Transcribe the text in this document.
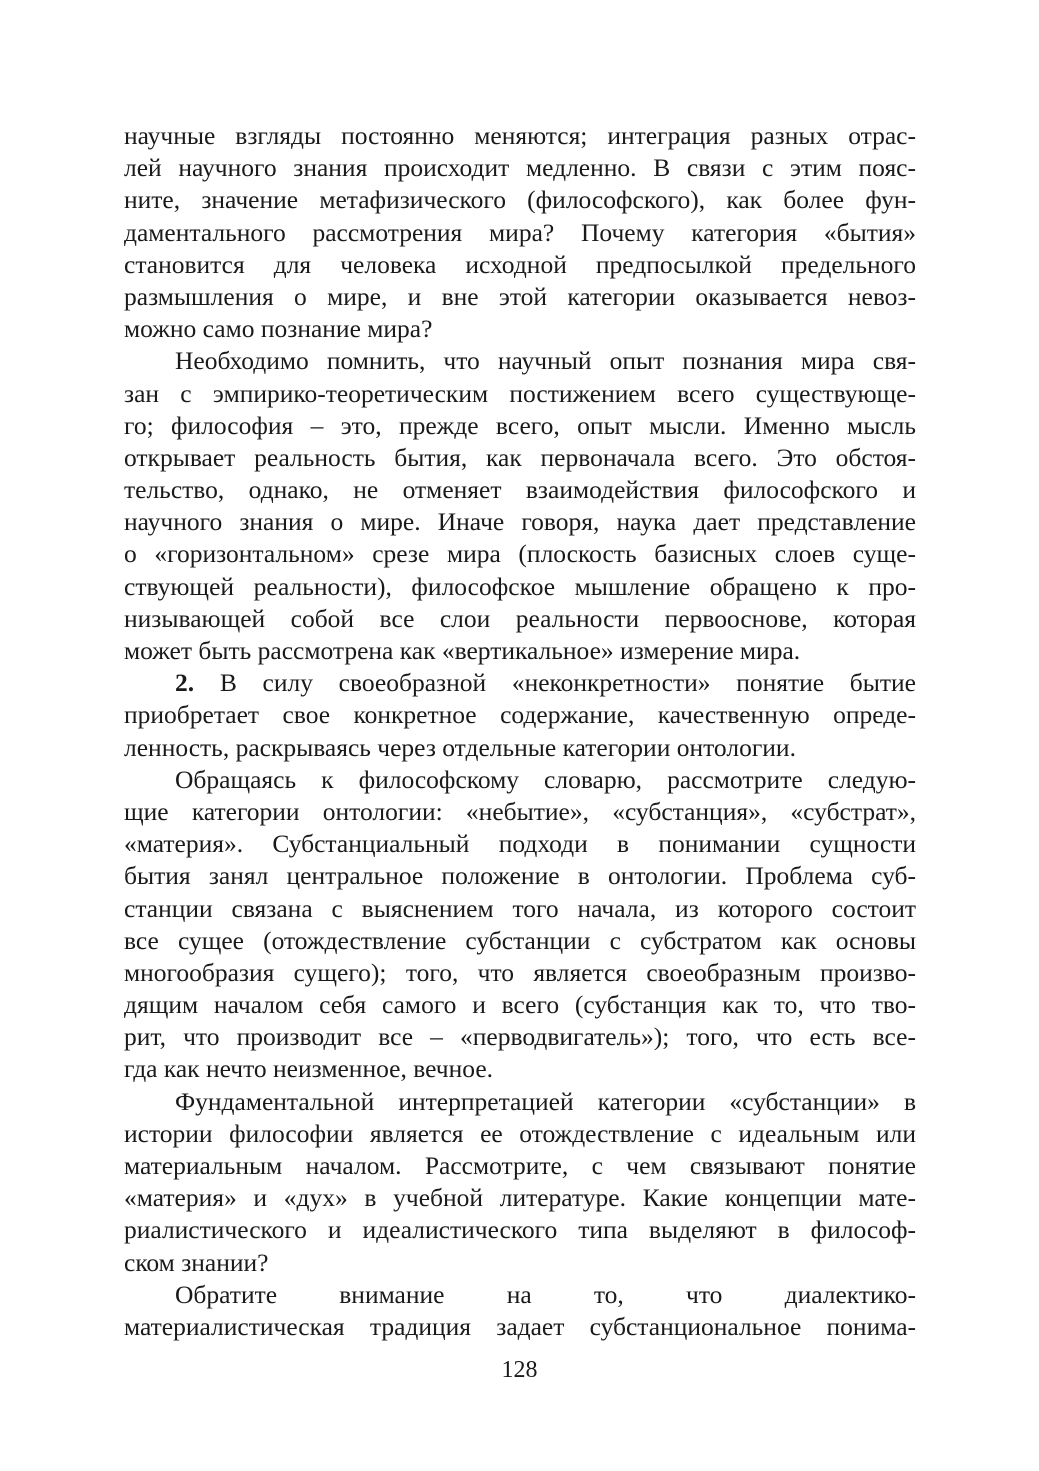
научные взгляды постоянно меняются; интеграция разных отрас-
лей научного знания происходит медленно. В связи с этим пояс-
ните, значение метафизического (философского), как более фун-
даментального рассмотрения мира? Почему категория «бытия»
становится для человека исходной предпосылкой предельного
размышления о мире, и вне этой категории оказывается невоз-
можно само познание мира?
Необходимо помнить, что научный опыт познания мира свя-
зан с эмпирико-теоретическим постижением всего существующе-
го; философия – это, прежде всего, опыт мысли. Именно мысль
открывает реальность бытия, как первоначала всего. Это обстоя-
тельство, однако, не отменяет взаимодействия философского и
научного знания о мире. Иначе говоря, наука дает представление
о «горизонтальном» срезе мира (плоскость базисных слоев суще-
ствующей реальности), философское мышление обращено к про-
низывающей собой все слои реальности первооснове, которая
может быть рассмотрена как «вертикальное» измерение мира.
2. В силу своеобразной «неконкретности» понятие бытие
приобретает свое конкретное содержание, качественную опреде-
ленность, раскрываясь через отдельные категории онтологии.
Обращаясь к философскому словарю, рассмотрите следую-
щие категории онтологии: «небытие», «субстанция», «субстрат»,
«материя». Субстанциальный подходи в понимании сущности
бытия занял центральное положение в онтологии. Проблема суб-
станции связана с выяснением того начала, из которого состоит
все сущее (отождествление субстанции с субстратом как основы
многообразия сущего); того, что является своеобразным произво-
дящим началом себя самого и всего (субстанция как то, что тво-
рит, что производит все – «перводвигатель»); того, что есть все-
гда как нечто неизменное, вечное.
Фундаментальной интерпретацией категории «субстанции» в
истории философии является ее отождествление с идеальным или
материальным началом. Рассмотрите, с чем связывают понятие
«материя» и «дух» в учебной литературе. Какие концепции мате-
риалистического и идеалистического типа выделяют в философ-
ском знании?
Обратите внимание на то, что диалектико-
материалистическая традиция задает субстанциональное понима-
128
